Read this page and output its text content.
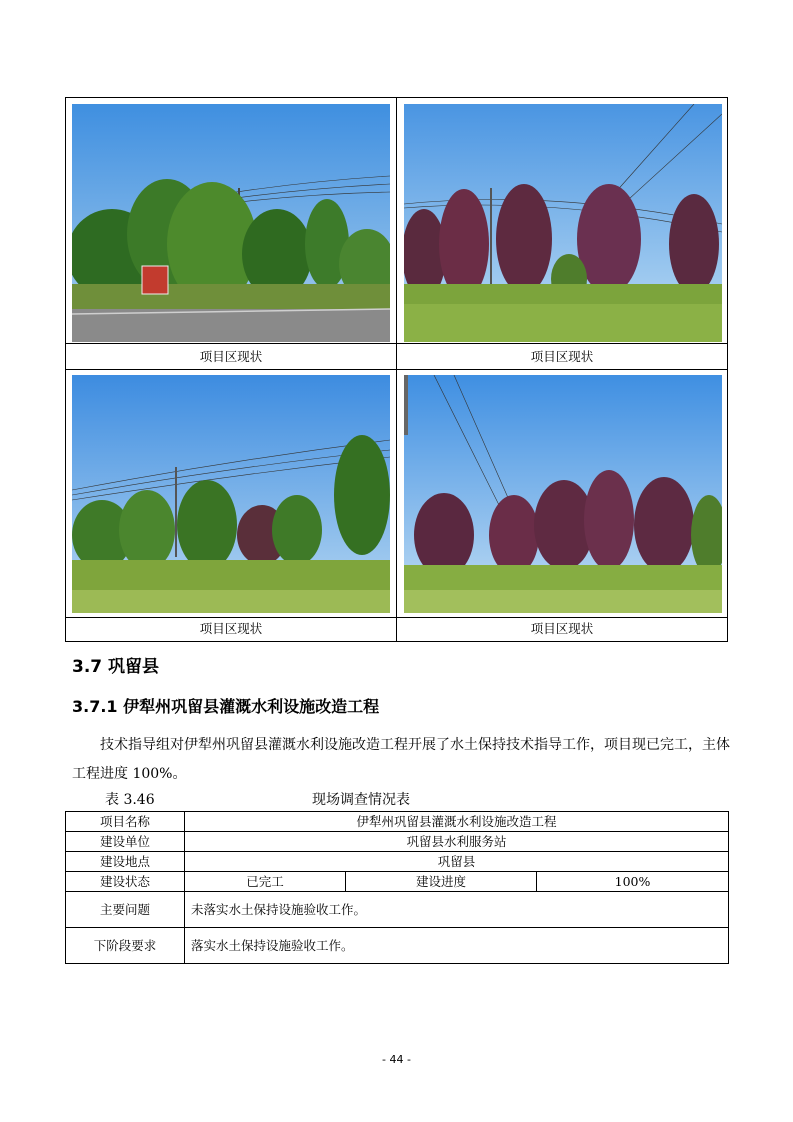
项目区现状	项目区现状
项目区现状	项目区现状
3.7 巩留县
3.7.1 伊犁州巩留县灌溉水利设施改造工程
技术指导组对伊犁州巩留县灌溉水利设施改造工程开展了水土保持技术指导工作，项目现已完工，主体工程进度 100%。
表 3.46	现场调查情况表
项目名称	伊犁州巩留县灌溉水利设施改造工程		
建设单位	巩留县水利服务站		
建设地点	巩留县		
建设状态	已完工	建设进度	100%
主要问题	未落实水土保持设施验收工作。		
下阶段要求	落实水土保持设施验收工作。		
- 44 -
